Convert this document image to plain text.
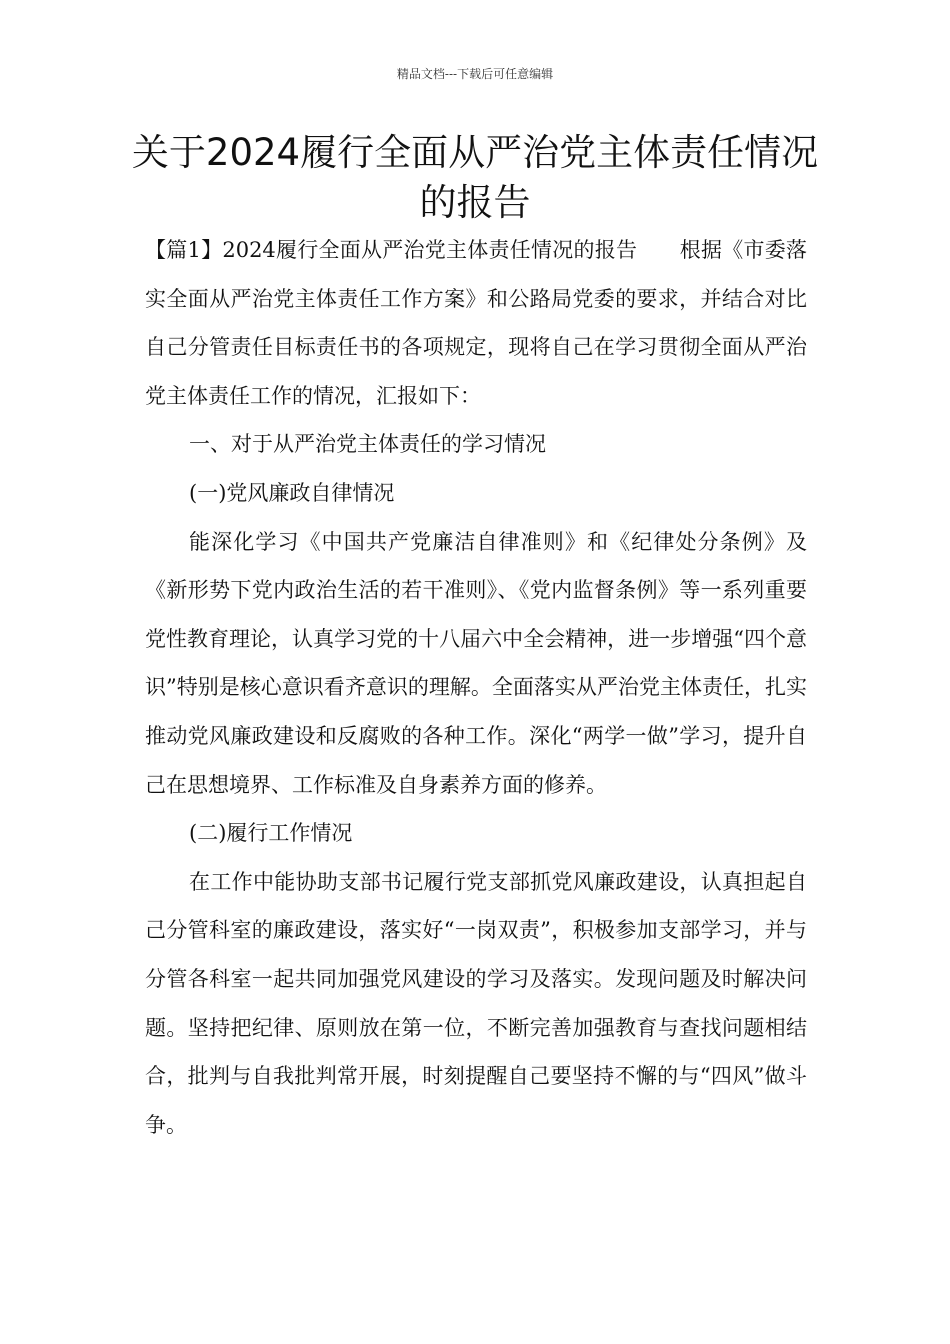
精品文档---下载后可任意编辑
关于2024履行全面从严治党主体责任情况的报告

【篇1】2024履行全面从严治党主体责任情况的报告　　根据《市委落实全面从严治党主体责任工作方案》和公路局党委的要求，并结合对比自己分管责任目标责任书的各项规定，现将自己在学习贯彻全面从严治党主体责任工作的情况，汇报如下：

一、对于从严治党主体责任的学习情况

(一)党风廉政自律情况

能深化学习《中国共产党廉洁自律准则》和《纪律处分条例》及《新形势下党内政治生活的若干准则》、《党内监督条例》等一系列重要党性教育理论，认真学习党的十八届六中全会精神，进一步增强“四个意识”特别是核心意识看齐意识的理解。全面落实从严治党主体责任，扎实推动党风廉政建设和反腐败的各种工作。深化“两学一做”学习，提升自己在思想境界、工作标准及自身素养方面的修养。

(二)履行工作情况

在工作中能协助支部书记履行党支部抓党风廉政建设，认真担起自己分管科室的廉政建设，落实好“一岗双责”，积极参加支部学习，并与分管各科室一起共同加强党风建设的学习及落实。发现问题及时解决问题。坚持把纪律、原则放在第一位，不断完善加强教育与查找问题相结合，批判与自我批判常开展，时刻提醒自己要坚持不懈的与“四风”做斗争。
